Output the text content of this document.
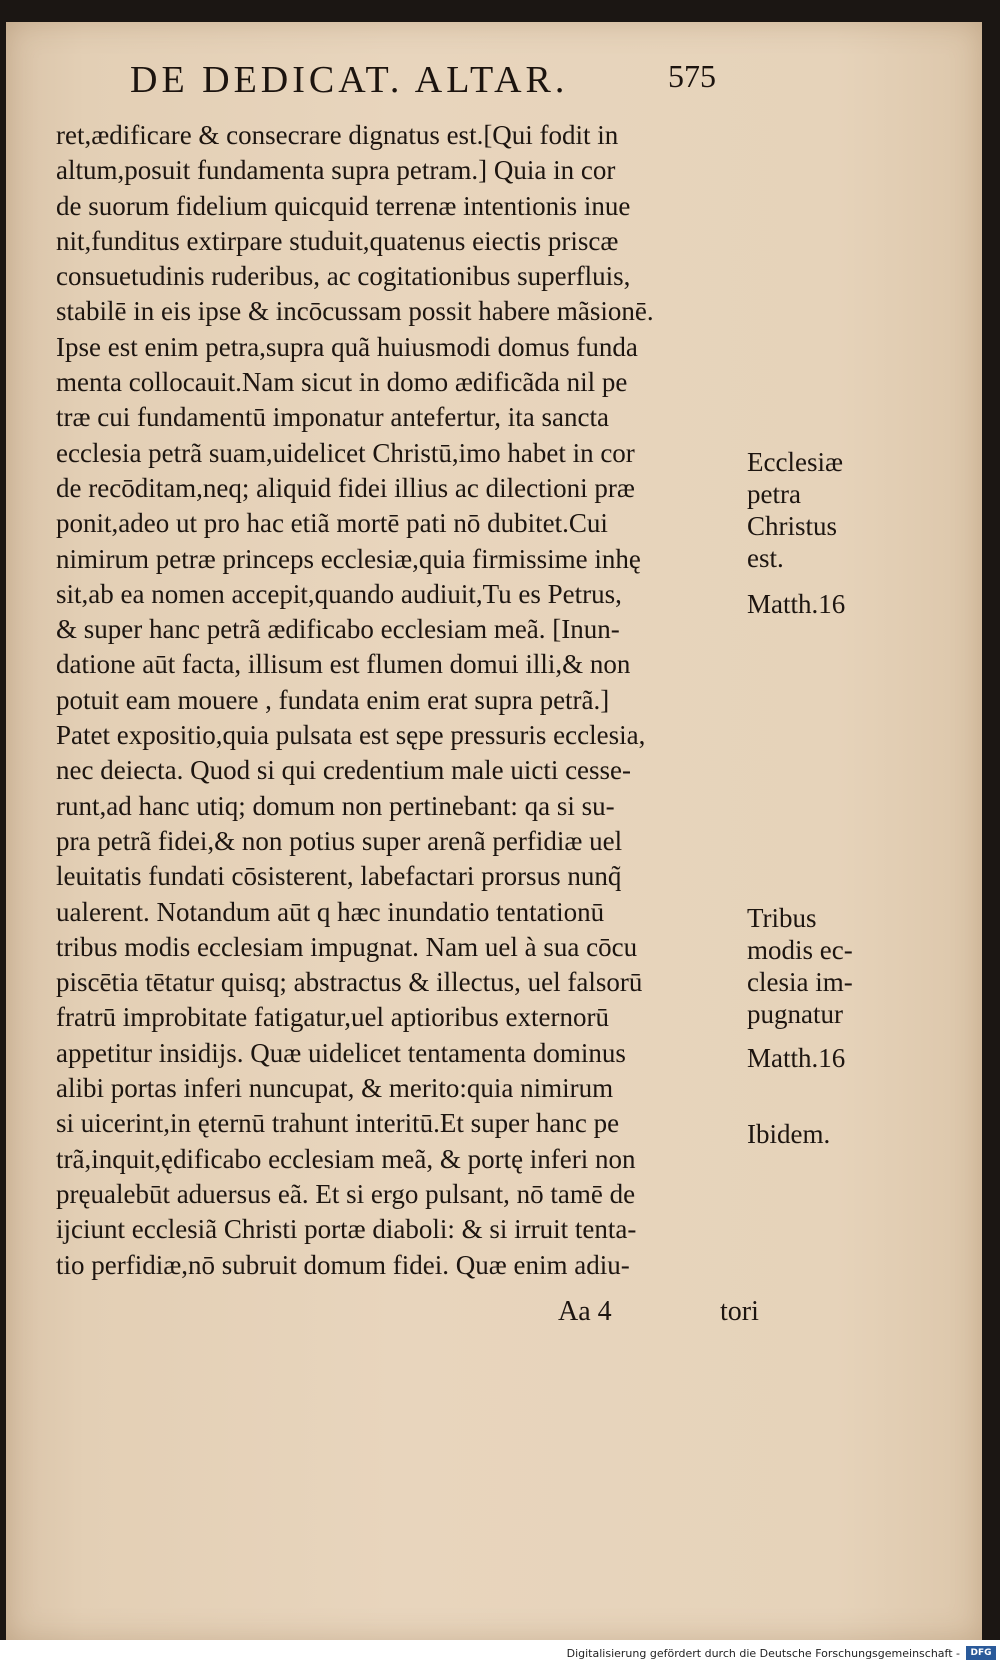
DE DEDICAT. ALTAR.	575
ret,ædificare & consecrare dignatus est.[Qui fodit in
altum,posuit fundamenta supra petram.] Quia in cor
de suorum fidelium quicquid terrenæ intentionis inue
nit,funditus extirpare studuit,quatenus eiectis priscæ
consuetudinis ruderibus, ac cogitationibus superfluis,
stabilē in eis ipse & incōcussam possit habere mãsionē.
Ipse est enim petra,supra quã huiusmodi domus funda
menta collocauit.Nam sicut in domo ædificãda nil pe
træ cui fundamentū imponatur antefertur, ita sancta
ecclesia petrã suam,uidelicet Christū,imo habet in cor
de recōditam,neq; aliquid fidei illius ac dilectioni præ
ponit,adeo ut pro hac etiã mortē pati nō dubitet.Cui
nimirum petræ princeps ecclesiæ,quia firmissime inhę
sit,ab ea nomen accepit,quando audiuit,Tu es Petrus,
& super hanc petrã ædificabo ecclesiam meã. [Inun-
datione aūt facta, illisum est flumen domui illi,& non
potuit eam mouere , fundata enim erat supra petrã.]
Patet expositio,quia pulsata est sępe pressuris ecclesia,
nec deiecta. Quod si qui credentium male uicti cesse-
runt,ad hanc utiq; domum non pertinebant: qa si su-
pra petrã fidei,& non potius super arenã perfidiæ uel
leuitatis fundati cōsisterent, labefactari prorsus nunq̃
ualerent. Notandum aūt q hæc inundatio tentationū
tribus modis ecclesiam impugnat. Nam uel à sua cōcu
piscētia tētatur quisq; abstractus & illectus, uel falsorū
fratrū improbitate fatigatur,uel aptioribus externorū
appetitur insidijs. Quæ uidelicet tentamenta dominus
alibi portas inferi nuncupat, & merito:quia nimirum
si uicerint,in ęternū trahunt interitū.Et super hanc pe
trã,inquit,ędificabo ecclesiam meã, & portę inferi non
pręualebūt aduersus eã. Et si ergo pulsant, nō tamē de
ijciunt ecclesiã Christi portæ diaboli: & si irruit tenta-
tio perfidiæ,nō subruit domum fidei. Quæ enim adiu-
Ecclesiæ
petra
Christus
est.
Matth.16
Tribus
modis ec-
clesia im-
pugnatur
Matth.16
Ibidem.
Aa 4	tori
Digitalisierung gefördert durch die Deutsche Forschungsgemeinschaft -	DFG
